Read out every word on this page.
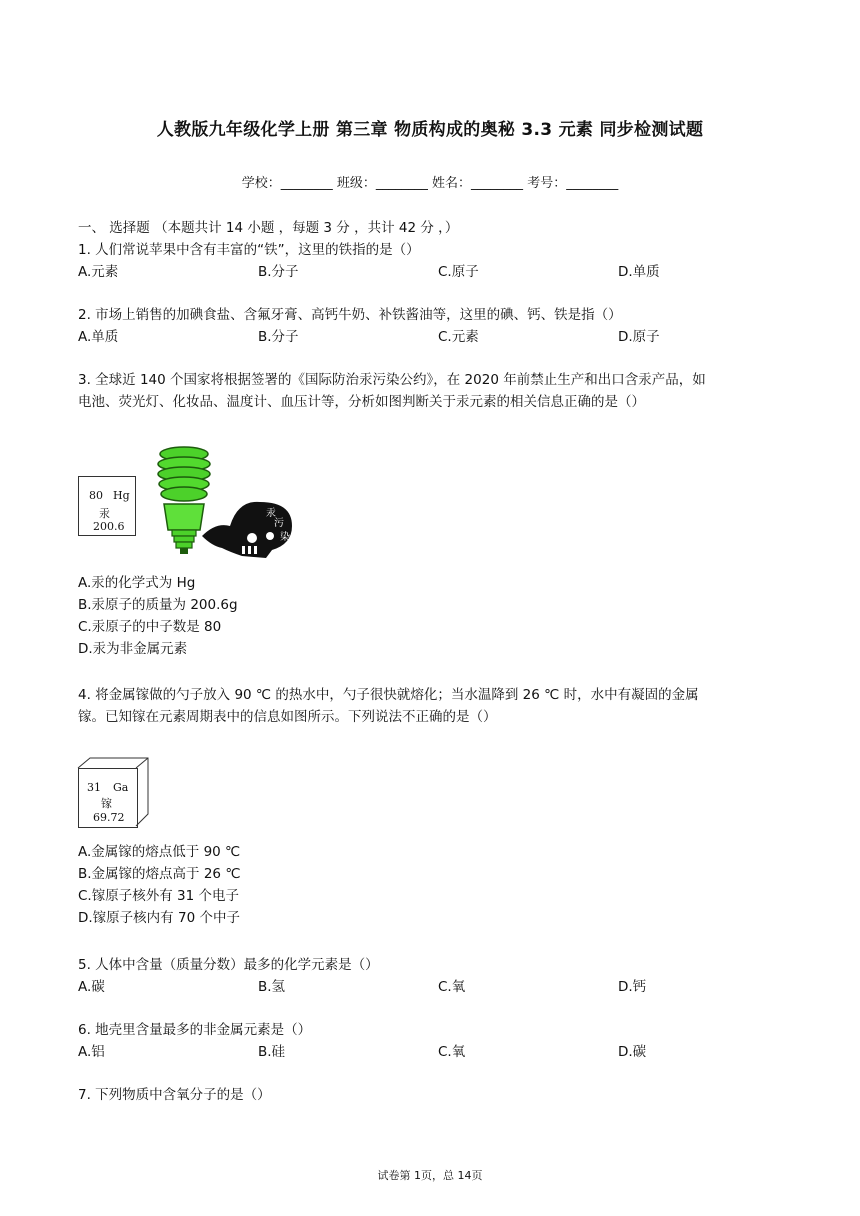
人教版九年级化学上册 第三章 物质构成的奥秘 3.3 元素 同步检测试题
学校：________ 班级：________ 姓名：________ 考号：________
一、 选择题 （本题共计 14 小题 ，每题 3 分 ，共计 42 分 ，）
1. 人们常说苹果中含有丰富的“铁”，这里的铁指的是（）
A.元素	B.分子	C.原子	D.单质
2. 市场上销售的加碘食盐、含氟牙膏、高钙牛奶、补铁酱油等，这里的碘、钙、铁是指（）
A.单质	B.分子	C.元素	D.原子
3. 全球近 140 个国家将根据签署的《国际防治汞污染公约》，在 2020 年前禁止生产和出口含汞产品，如
电池、荧光灯、化妆品、温度计、血压计等，分析如图判断关于汞元素的相关信息正确的是（）
80 Hg
汞
200.6
汞
污
染
A.汞的化学式为 Hg
B.汞原子的质量为 200.6g
C.汞原子的中子数是 80
D.汞为非金属元素
4. 将金属镓做的勺子放入 90 ℃ 的热水中，勺子很快就熔化；当水温降到 26 ℃ 时，水中有凝固的金属
镓。已知镓在元素周期表中的信息如图所示。下列说法不正确的是（）
31 Ga
镓
69.72
A.金属镓的熔点低于 90 ℃
B.金属镓的熔点高于 26 ℃
C.镓原子核外有 31 个电子
D.镓原子核内有 70 个中子
5. 人体中含量（质量分数）最多的化学元素是（）
A.碳	B.氢	C.氧	D.钙
6. 地壳里含量最多的非金属元素是（）
A.铝	B.硅	C.氧	D.碳
7. 下列物质中含氧分子的是（）
试卷第 1页，总 14页
